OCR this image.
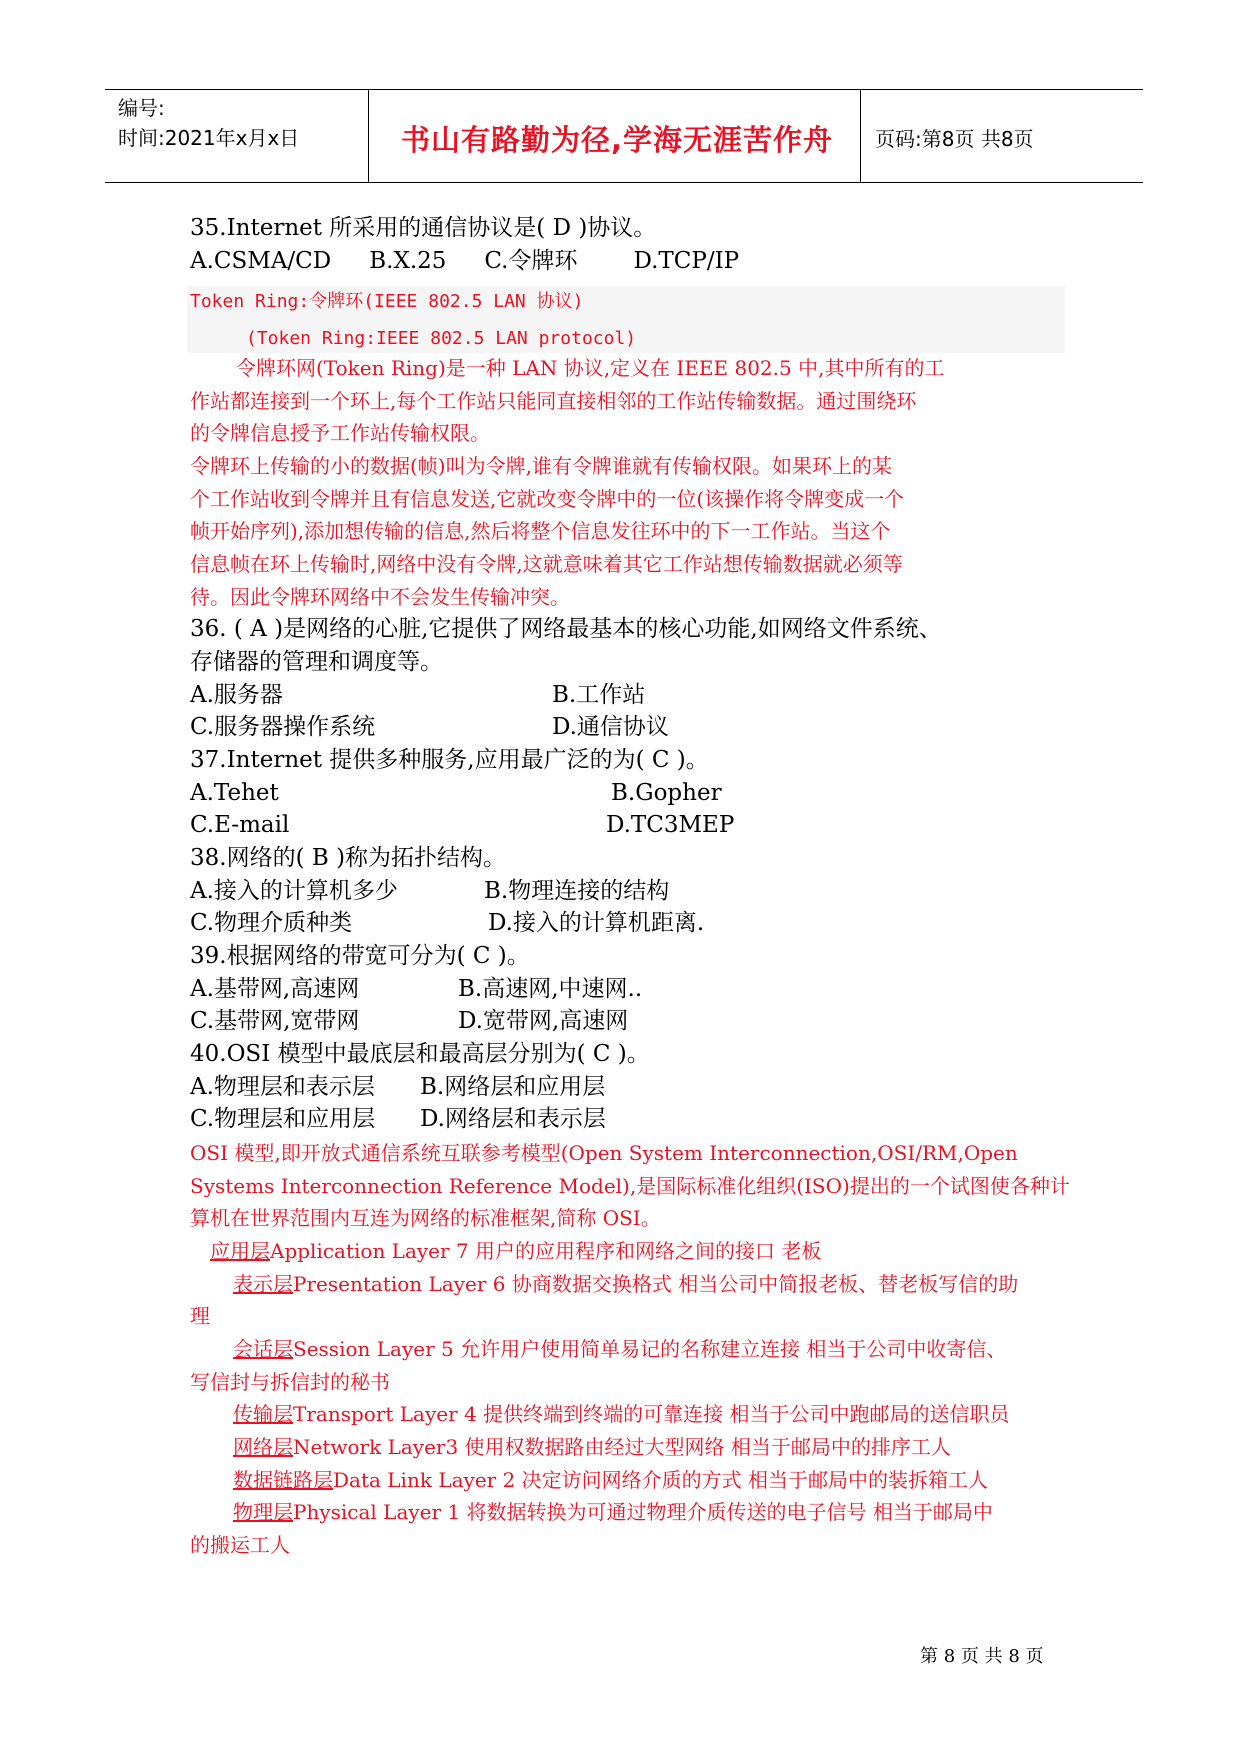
编号:
时间:2021年x月x日	书山有路勤为径,学海无涯苦作舟	页码:第8页 共8页
35.Internet 所采用的通信协议是( D )协议。
A.CSMA/CD B.X.25 C.令牌环 D.TCP/IP
Token Ring:令牌环(IEEE 802.5 LAN 协议)
(Token Ring:IEEE 802.5 LAN protocol)
令牌环网(Token Ring)是一种 LAN 协议,定义在 IEEE 802.5 中,其中所有的工
作站都连接到一个环上,每个工作站只能同直接相邻的工作站传输数据。通过围绕环
的令牌信息授予工作站传输权限。
令牌环上传输的小的数据(帧)叫为令牌,谁有令牌谁就有传输权限。如果环上的某
个工作站收到令牌并且有信息发送,它就改变令牌中的一位(该操作将令牌变成一个
帧开始序列),添加想传输的信息,然后将整个信息发往环中的下一工作站。当这个
信息帧在环上传输时,网络中没有令牌,这就意味着其它工作站想传输数据就必须等
待。因此令牌环网络中不会发生传输冲突。
36. ( A )是网络的心脏,它提供了网络最基本的核心功能,如网络文件系统、
存储器的管理和调度等。
A.服务器	B.工作站
C.服务器操作系统	D.通信协议
37.Internet 提供多种服务,应用最广泛的为( C )。
A.Tehet	B.Gopher
C.E-mail	D.TC3MEP
38.网络的( B )称为拓扑结构。
A.接入的计算机多少	B.物理连接的结构
C.物理介质种类	D.接入的计算机距离.
39.根据网络的带宽可分为( C )。
A.基带网,高速网	B.高速网,中速网..
C.基带网,宽带网	D.宽带网,高速网
40.OSI 模型中最底层和最高层分别为( C )。
A.物理层和表示层 B.网络层和应用层
C.物理层和应用层 D.网络层和表示层
OSI 模型,即开放式通信系统互联参考模型(Open System Interconnection,OSI/RM,Open
Systems Interconnection Reference Model),是国际标准化组织(ISO)提出的一个试图使各种计
算机在世界范围内互连为网络的标准框架,简称 OSI。
应用层Application Layer 7 用户的应用程序和网络之间的接口 老板
表示层Presentation Layer 6 协商数据交换格式 相当公司中简报老板、替老板写信的助
理
会话层Session Layer 5 允许用户使用简单易记的名称建立连接 相当于公司中收寄信、
写信封与拆信封的秘书
传输层Transport Layer 4 提供终端到终端的可靠连接 相当于公司中跑邮局的送信职员
网络层Network Layer3 使用权数据路由经过大型网络 相当于邮局中的排序工人
数据链路层Data Link Layer 2 决定访问网络介质的方式 相当于邮局中的装拆箱工人
物理层Physical Layer 1 将数据转换为可通过物理介质传送的电子信号 相当于邮局中
的搬运工人
第 8 页 共 8 页
